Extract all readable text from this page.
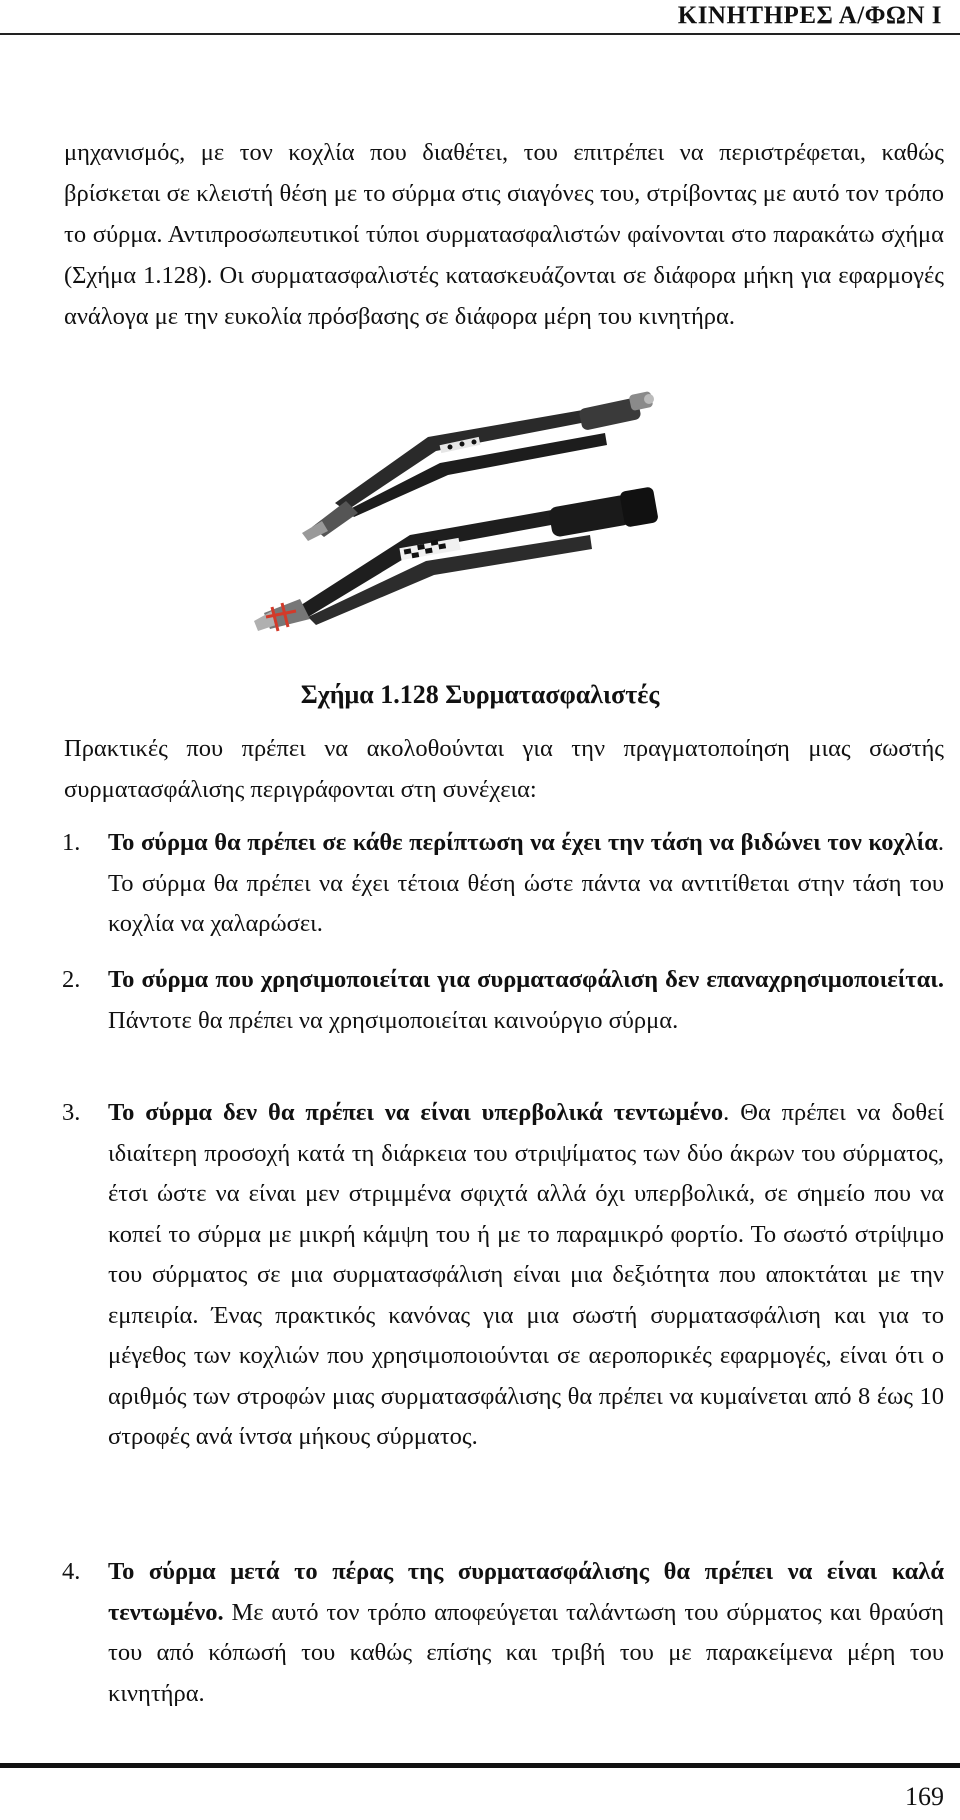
ΚΙΝΗΤΗΡΕΣ Α/ΦΩΝ Ι

μηχανισμός, με τον κοχλία που διαθέτει, του επιτρέπει να περιστρέφεται, καθώς βρίσκεται σε κλειστή θέση με το σύρμα στις σιαγόνες του, στρίβοντας με αυτό τον τρόπο το σύρμα. Αντιπροσωπευτικοί τύποι συρματασφαλιστών φαίνονται στο παρακάτω σχήμα (Σχήμα 1.128). Οι συρματασφαλιστές κατασκευάζονται σε διάφορα μήκη για εφαρμογές ανάλογα με την ευκολία πρόσβασης σε διάφορα μέρη του κινητήρα.

Σχήμα 1.128 Συρματασφαλιστές

Πρακτικές που πρέπει να ακολοθούνται για την πραγματοποίηση μιας σωστής συρματασφάλισης περιγράφονται στη συνέχεια:

1. Το σύρμα θα πρέπει σε κάθε περίπτωση να έχει την τάση να βιδώνει τον κοχλία. Το σύρμα θα πρέπει να έχει τέτοια θέση ώστε πάντα να αντιτίθεται στην τάση του κοχλία να χαλαρώσει.
2. Το σύρμα που χρησιμοποιείται για συρματασφάλιση δεν επαναχρησιμοποιείται. Πάντοτε θα πρέπει να χρησιμοποιείται καινούργιο σύρμα.
3. Το σύρμα δεν θα πρέπει να είναι υπερβολικά τεντωμένο. Θα πρέπει να δοθεί ιδιαίτερη προσοχή κατά τη διάρκεια του στριψίματος των δύο άκρων του σύρματος, έτσι ώστε να είναι μεν στριμμένα σφιχτά αλλά όχι υπερβολικά, σε σημείο που να κοπεί το σύρμα με μικρή κάμψη του ή με το παραμικρό φορτίο. Το σωστό στρίψιμο του σύρματος σε μια συρματασφάλιση είναι μια δεξιότητα που αποκτάται με την εμπειρία. Ένας πρακτικός κανόνας για μια σωστή συρματασφάλιση και για το μέγεθος των κοχλιών που χρησιμοποιούνται σε αεροπορικές εφαρμογές, είναι ότι ο αριθμός των στροφών μιας συρματασφάλισης θα πρέπει να κυμαίνεται από 8 έως 10 στροφές ανά ίντσα μήκους σύρματος.
4. Το σύρμα μετά το πέρας της συρματασφάλισης θα πρέπει να είναι καλά τεντωμένο. Με αυτό τον τρόπο αποφεύγεται ταλάντωση του σύρματος και θραύση του από κόπωσή του καθώς επίσης και τριβή του με παρακείμενα μέρη του κινητήρα.
169
